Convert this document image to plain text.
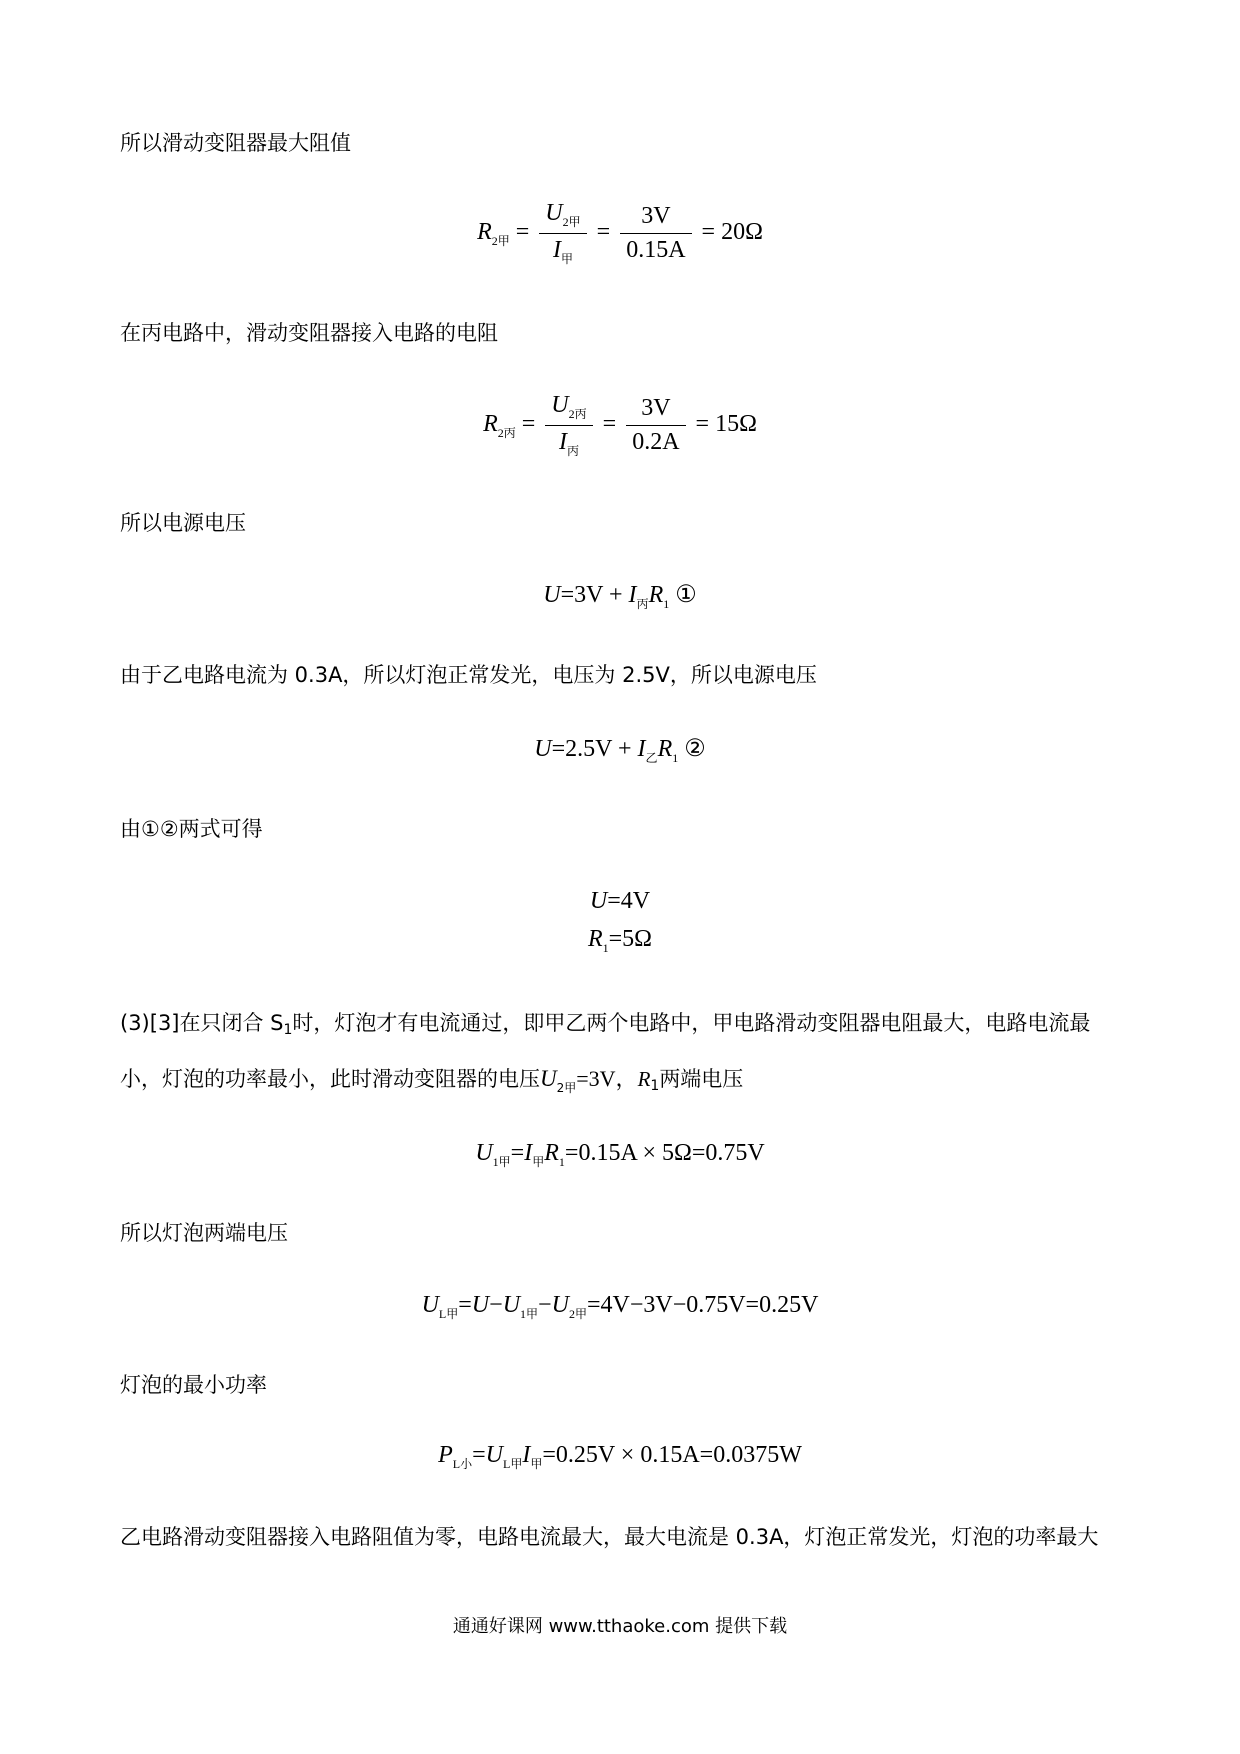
所以滑动变阻器最大阻值
$R_{2甲} = \frac{U_{2甲}}{I_甲} = \frac{3V}{0.15A} = 20\Omega$
在丙电路中，滑动变阻器接入电路的电阻
$R_{2丙} = \frac{U_{2丙}}{I_丙} = \frac{3V}{0.2A} = 15\Omega$
所以电源电压
$U=3V + I_丙R_1$ ①
由于乙电路电流为 0.3A，所以灯泡正常发光，电压为 2.5V，所以电源电压
$U=2.5V + I_乙R_1$ ②
由①②两式可得
U=4V
$R_1=5\Omega$
(3)[3]在只闭合 $S_1$时，灯泡才有电流通过，即甲乙两个电路中，甲电路滑动变阻器电阻最大，电路电流最
小，灯泡的功率最小，此时滑动变阻器的电压$U_{2甲}=3V$，$R_1$两端电压
$U_{1甲}=I_甲R_1=0.15A \times 5\Omega=0.75V$
所以灯泡两端电压
$U_{L甲}=U-U_{1甲}-U_{2甲}=4V-3V-0.75V=0.25V$
灯泡的最小功率
$P_{L小}=U_{L甲}I_甲=0.25V \times 0.15A=0.0375W$
乙电路滑动变阻器接入电路阻值为零，电路电流最大，最大电流是 0.3A，灯泡正常发光，灯泡的功率最大
通通好课网 www.tthaoke.com 提供下载
